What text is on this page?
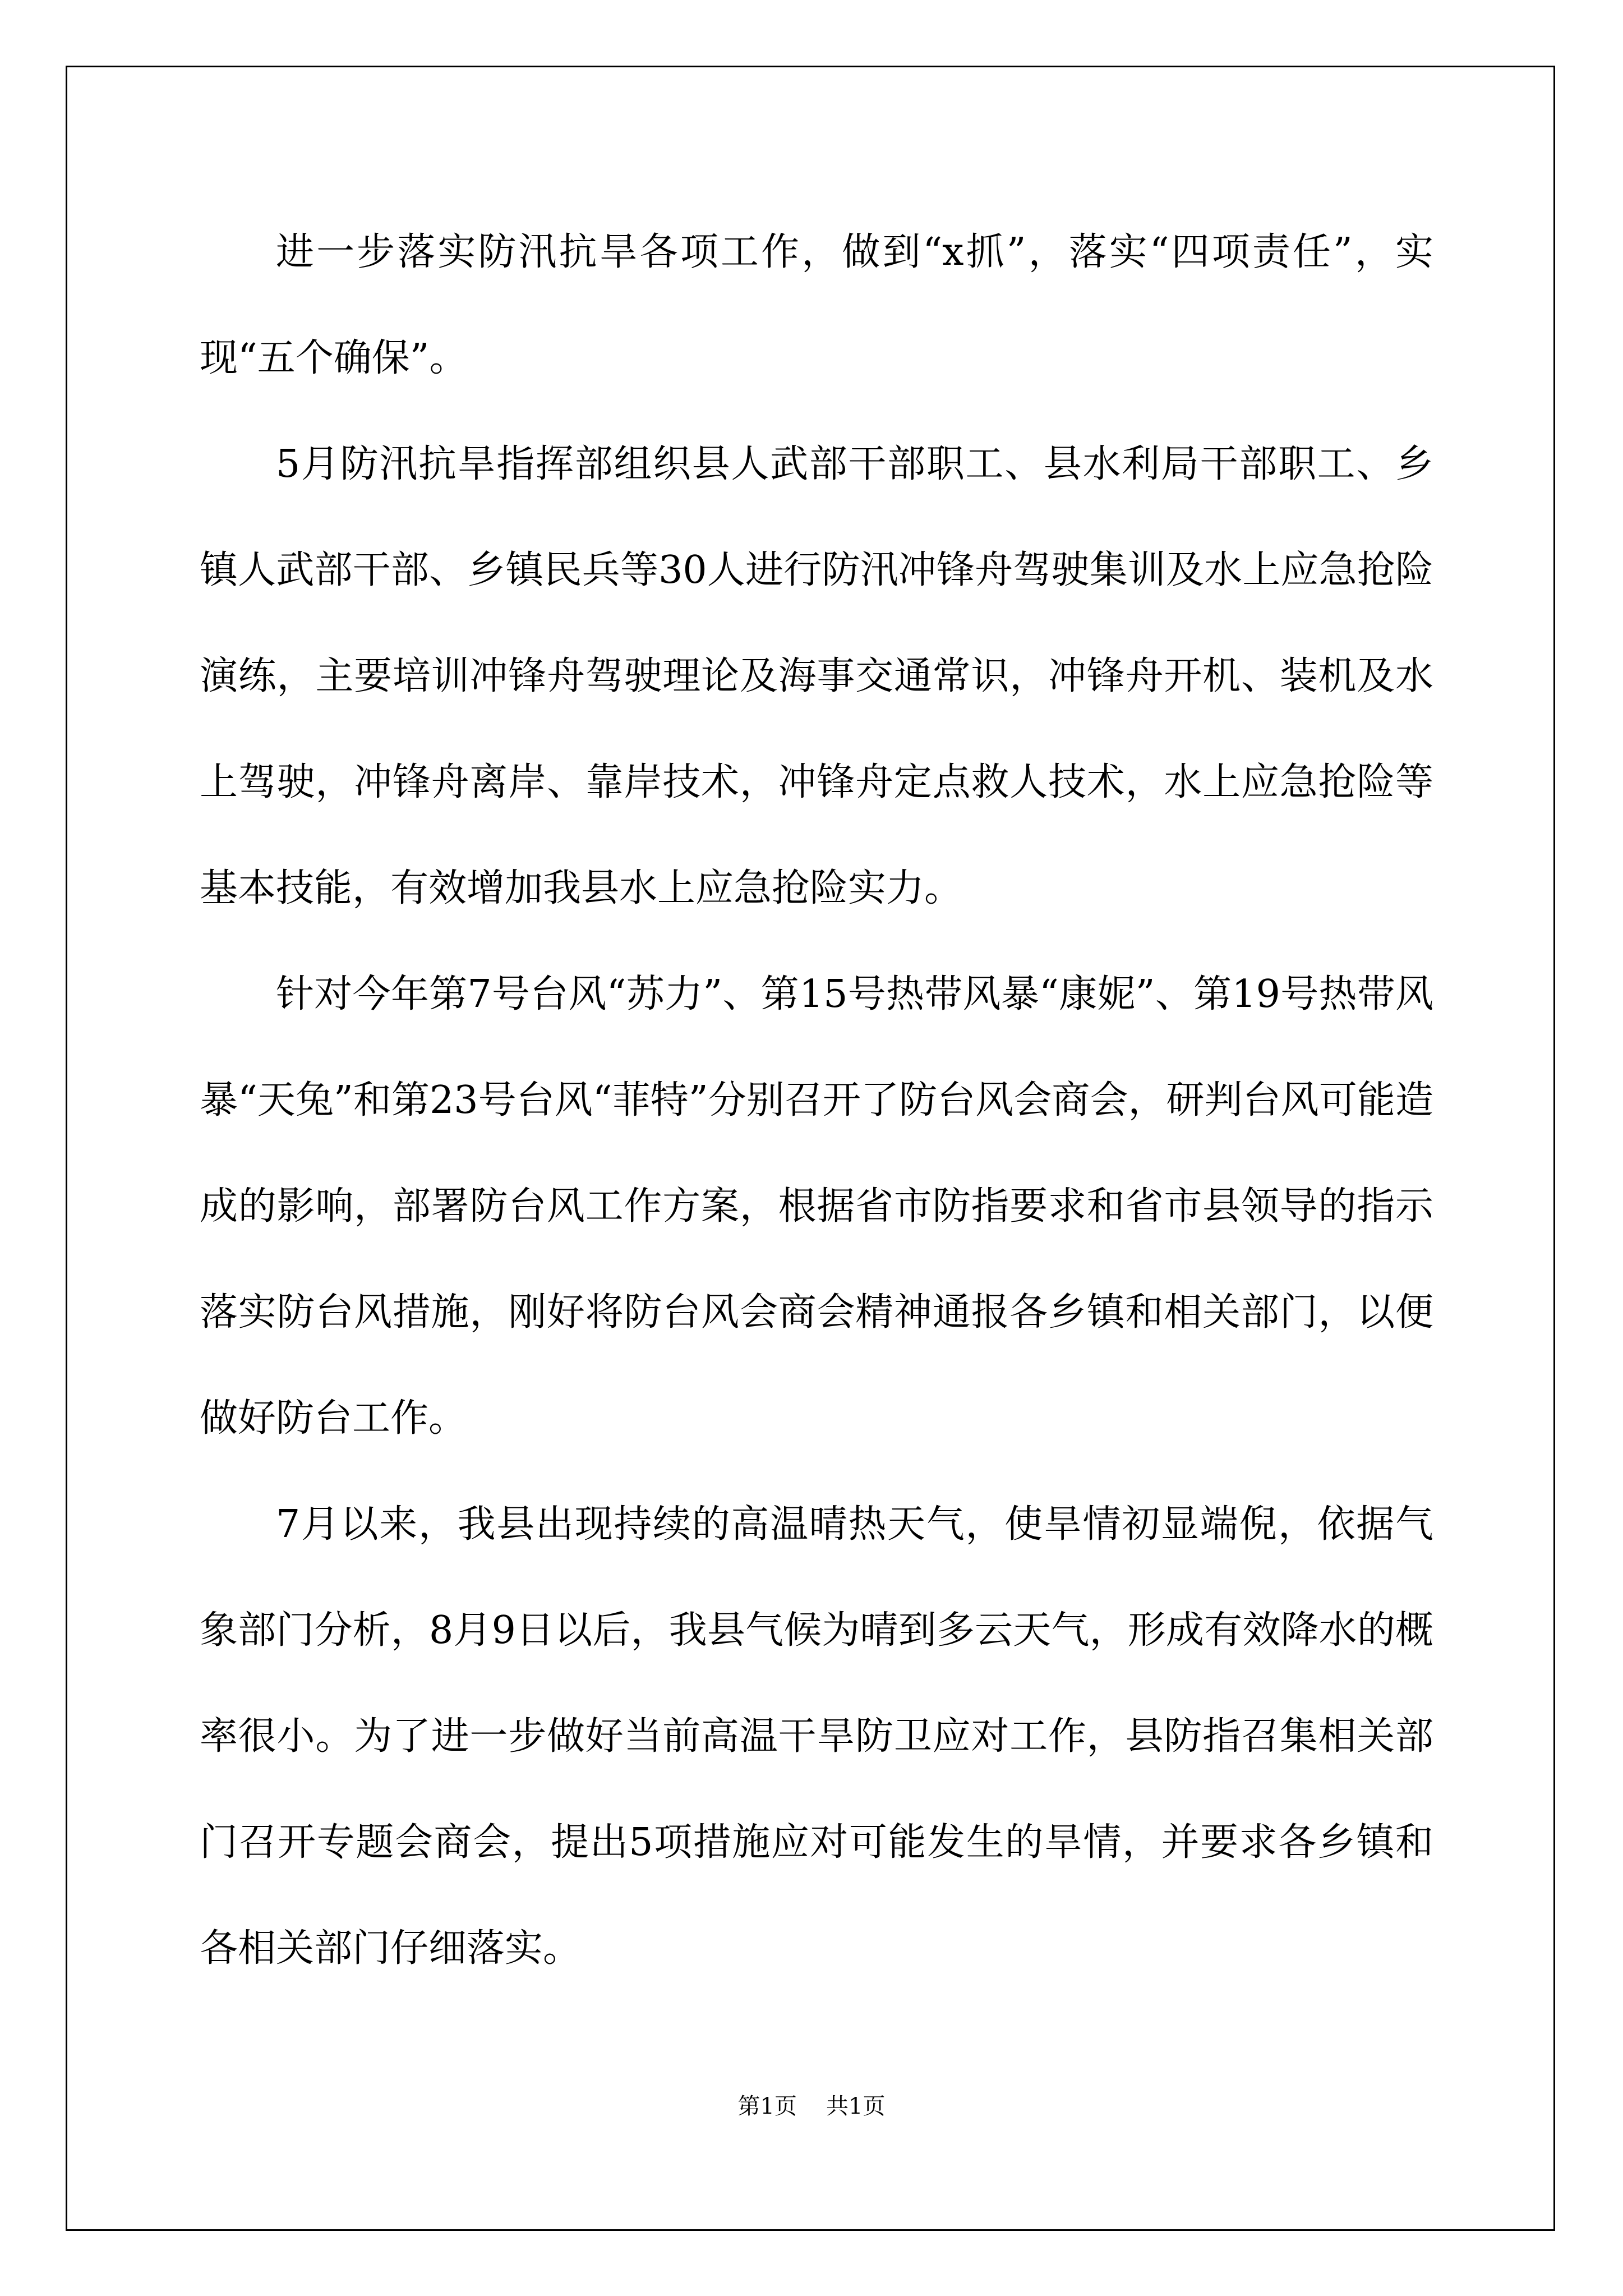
进一步落实防汛抗旱各项工作，做到“x抓”，落实“四项责任”，实现“五个确保”。

5月防汛抗旱指挥部组织县人武部干部职工、县水利局干部职工、乡镇人武部干部、乡镇民兵等30人进行防汛冲锋舟驾驶集训及水上应急抢险演练，主要培训冲锋舟驾驶理论及海事交通常识，冲锋舟开机、装机及水上驾驶，冲锋舟离岸、靠岸技术，冲锋舟定点救人技术，水上应急抢险等基本技能，有效增加我县水上应急抢险实力。

针对今年第7号台风“苏力”、第15号热带风暴“康妮”、第19号热带风暴“天兔”和第23号台风“菲特”分别召开了防台风会商会，研判台风可能造成的影响，部署防台风工作方案，根据省市防指要求和省市县领导的指示落实防台风措施，刚好将防台风会商会精神通报各乡镇和相关部门，以便做好防台工作。

7月以来，我县出现持续的高温晴热天气，使旱情初显端倪，依据气象部门分析，8月9日以后，我县气候为晴到多云天气，形成有效降水的概率很小。为了进一步做好当前高温干旱防卫应对工作，县防指召集相关部门召开专题会商会，提出5项措施应对可能发生的旱情，并要求各乡镇和各相关部门仔细落实。

第1页 共1页
